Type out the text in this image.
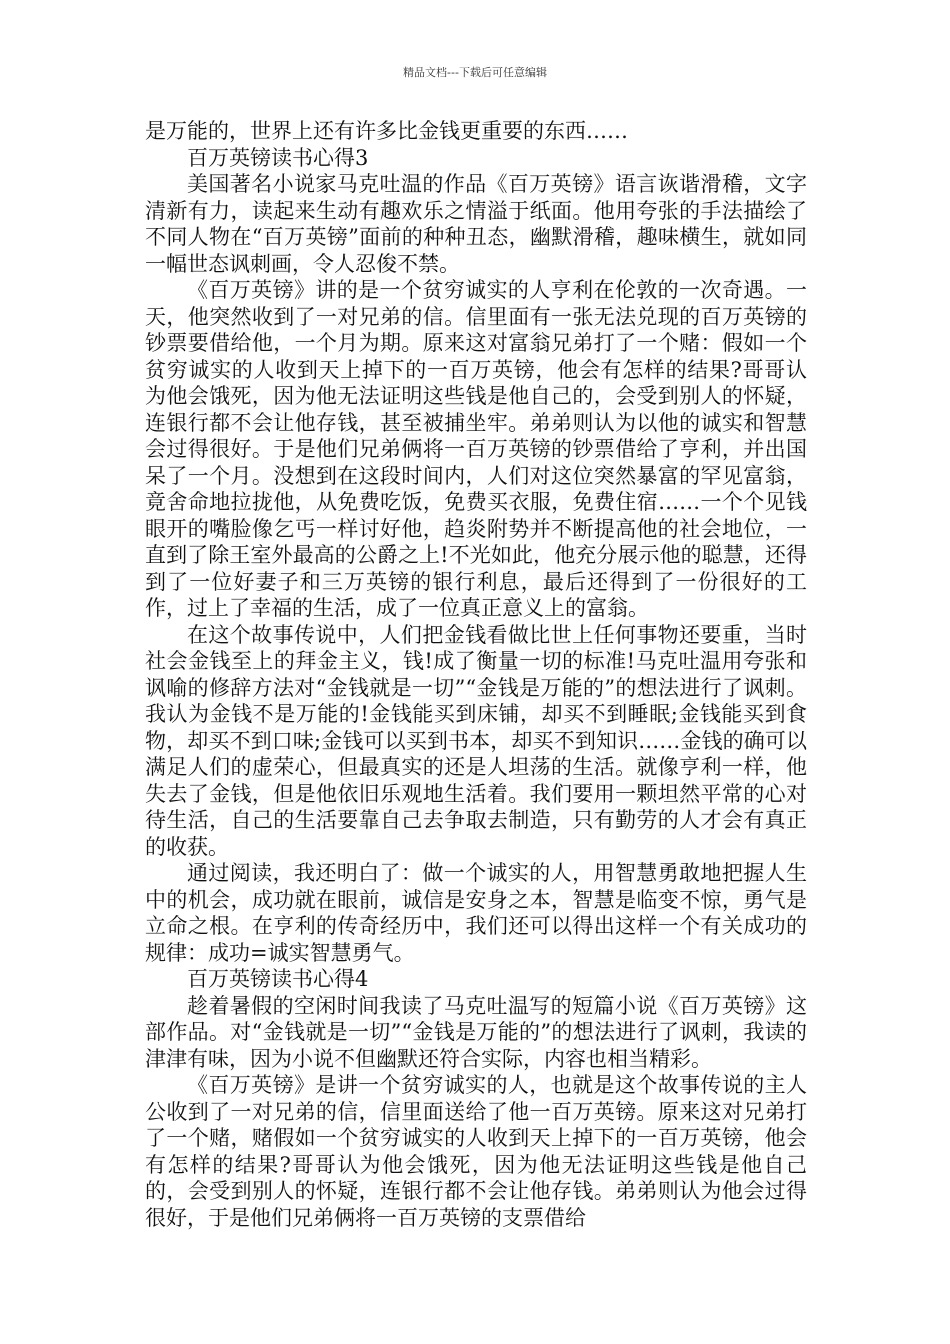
精品文档---下载后可任意编辑

是万能的，世界上还有许多比金钱更重要的东西……

百万英镑读书心得3

美国著名小说家马克吐温的作品《百万英镑》语言诙谐滑稽，文字清新有力，读起来生动有趣欢乐之情溢于纸面。他用夸张的手法描绘了不同人物在“百万英镑”面前的种种丑态，幽默滑稽，趣味横生，就如同一幅世态讽刺画，令人忍俊不禁。

《百万英镑》讲的是一个贫穷诚实的人亨利在伦敦的一次奇遇。一天，他突然收到了一对兄弟的信。信里面有一张无法兑现的百万英镑的钞票要借给他，一个月为期。原来这对富翁兄弟打了一个赌：假如一个贫穷诚实的人收到天上掉下的一百万英镑，他会有怎样的结果?哥哥认为他会饿死，因为他无法证明这些钱是他自己的，会受到别人的怀疑，连银行都不会让他存钱，甚至被捕坐牢。弟弟则认为以他的诚实和智慧会过得很好。于是他们兄弟俩将一百万英镑的钞票借给了亨利，并出国呆了一个月。没想到在这段时间内，人们对这位突然暴富的罕见富翁，竟舍命地拉拢他，从免费吃饭，免费买衣服，免费住宿……一个个见钱眼开的嘴脸像乞丐一样讨好他，趋炎附势并不断提高他的社会地位，一直到了除王室外最高的公爵之上!不光如此，他充分展示他的聪慧，还得到了一位好妻子和三万英镑的银行利息，最后还得到了一份很好的工作，过上了幸福的生活，成了一位真正意义上的富翁。

在这个故事传说中，人们把金钱看做比世上任何事物还要重，当时社会金钱至上的拜金主义，钱!成了衡量一切的标准!马克吐温用夸张和讽喻的修辞方法对“金钱就是一切”“金钱是万能的”的想法进行了讽刺。我认为金钱不是万能的!金钱能买到床铺，却买不到睡眠;金钱能买到食物，却买不到口味;金钱可以买到书本，却买不到知识……金钱的确可以满足人们的虚荣心，但最真实的还是人坦荡的生活。就像亨利一样，他失去了金钱，但是他依旧乐观地生活着。我们要用一颗坦然平常的心对待生活，自己的生活要靠自己去争取去制造，只有勤劳的人才会有真正的收获。

通过阅读，我还明白了：做一个诚实的人，用智慧勇敢地把握人生中的机会，成功就在眼前，诚信是安身之本，智慧是临变不惊，勇气是立命之根。在亨利的传奇经历中，我们还可以得出这样一个有关成功的规律：成功=诚实智慧勇气。

百万英镑读书心得4

趁着暑假的空闲时间我读了马克吐温写的短篇小说《百万英镑》这部作品。对“金钱就是一切”“金钱是万能的”的想法进行了讽刺，我读的津津有味，因为小说不但幽默还符合实际，内容也相当精彩。

《百万英镑》是讲一个贫穷诚实的人，也就是这个故事传说的主人公收到了一对兄弟的信，信里面送给了他一百万英镑。原来这对兄弟打了一个赌，赌假如一个贫穷诚实的人收到天上掉下的一百万英镑，他会有怎样的结果?哥哥认为他会饿死，因为他无法证明这些钱是他自己的，会受到别人的怀疑，连银行都不会让他存钱。弟弟则认为他会过得很好，于是他们兄弟俩将一百万英镑的支票借给
